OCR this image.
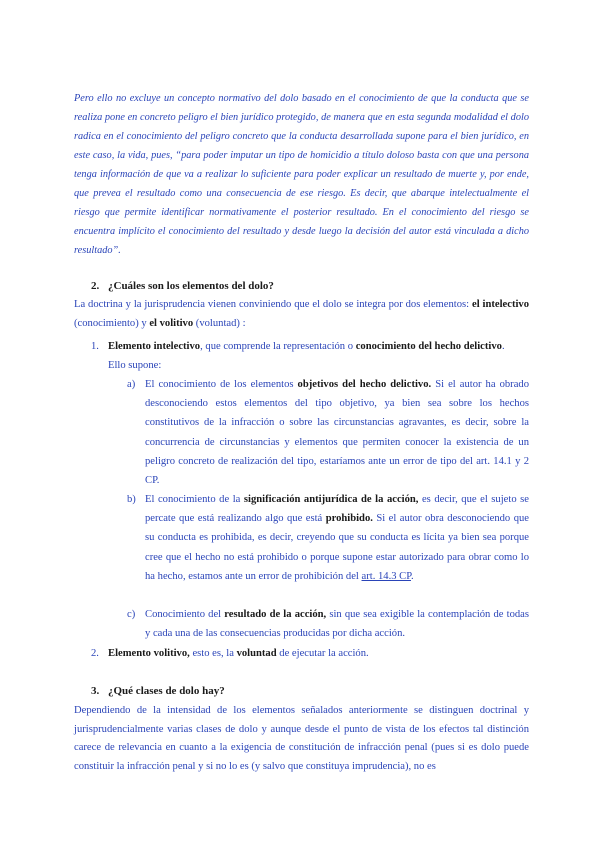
Pero ello no excluye un concepto normativo del dolo basado en el conocimiento de que la conducta que se realiza pone en concreto peligro el bien jurídico protegido, de manera que en esta segunda modalidad el dolo radica en el conocimiento del peligro concreto que la conducta desarrollada supone para el bien jurídico, en este caso, la vida, pues, “para poder imputar un tipo de homicidio a título doloso basta con que una persona tenga información de que va a realizar lo suficiente para poder explicar un resultado de muerte y, por ende, que prevea el resultado como una consecuencia de ese riesgo. Es decir, que abarque intelectualmente el riesgo que permite identificar normativamente el posterior resultado. En el conocimiento del riesgo se encuentra implícito el conocimiento del resultado y desde luego la decisión del autor está vinculada a dicho resultado”.

2. ¿Cuáles son los elementos del dolo?

La doctrina y la jurisprudencia vienen conviniendo que el dolo se integra por dos elementos: el intelectivo (conocimiento) y el volitivo (voluntad) :

1. Elemento intelectivo, que comprende la representación o conocimiento del hecho delictivo.
Ello supone:
a) El conocimiento de los elementos objetivos del hecho delictivo. Si el autor ha obrado desconociendo estos elementos del tipo objetivo, ya bien sea sobre los hechos constitutivos de la infracción o sobre las circunstancias agravantes, es decir, sobre la concurrencia de circunstancias y elementos que permiten conocer la existencia de un peligro concreto de realización del tipo, estaríamos ante un error de tipo del art. 14.1 y 2 CP.
b) El conocimiento de la significación antijurídica de la acción, es decir, que el sujeto se percate que está realizando algo que está prohibido. Si el autor obra desconociendo que su conducta es prohibida, es decir, creyendo que su conducta es lícita ya bien sea porque cree que el hecho no está prohibido o porque supone estar autorizado para obrar como lo ha hecho, estamos ante un error de prohibición del art. 14.3 CP.
c) Conocimiento del resultado de la acción, sin que sea exigible la contemplación de todas y cada una de las consecuencias producidas por dicha acción.
2. Elemento volitivo, esto es, la voluntad de ejecutar la acción.
3. ¿Qué clases de dolo hay?

Dependiendo de la intensidad de los elementos señalados anteriormente se distinguen doctrinal y jurisprudencialmente varias clases de dolo y aunque desde el punto de vista de los efectos tal distinción carece de relevancia en cuanto a la exigencia de constitución de infracción penal (pues si es dolo puede constituir la infracción penal y si no lo es (y salvo que constituya imprudencia), no es
